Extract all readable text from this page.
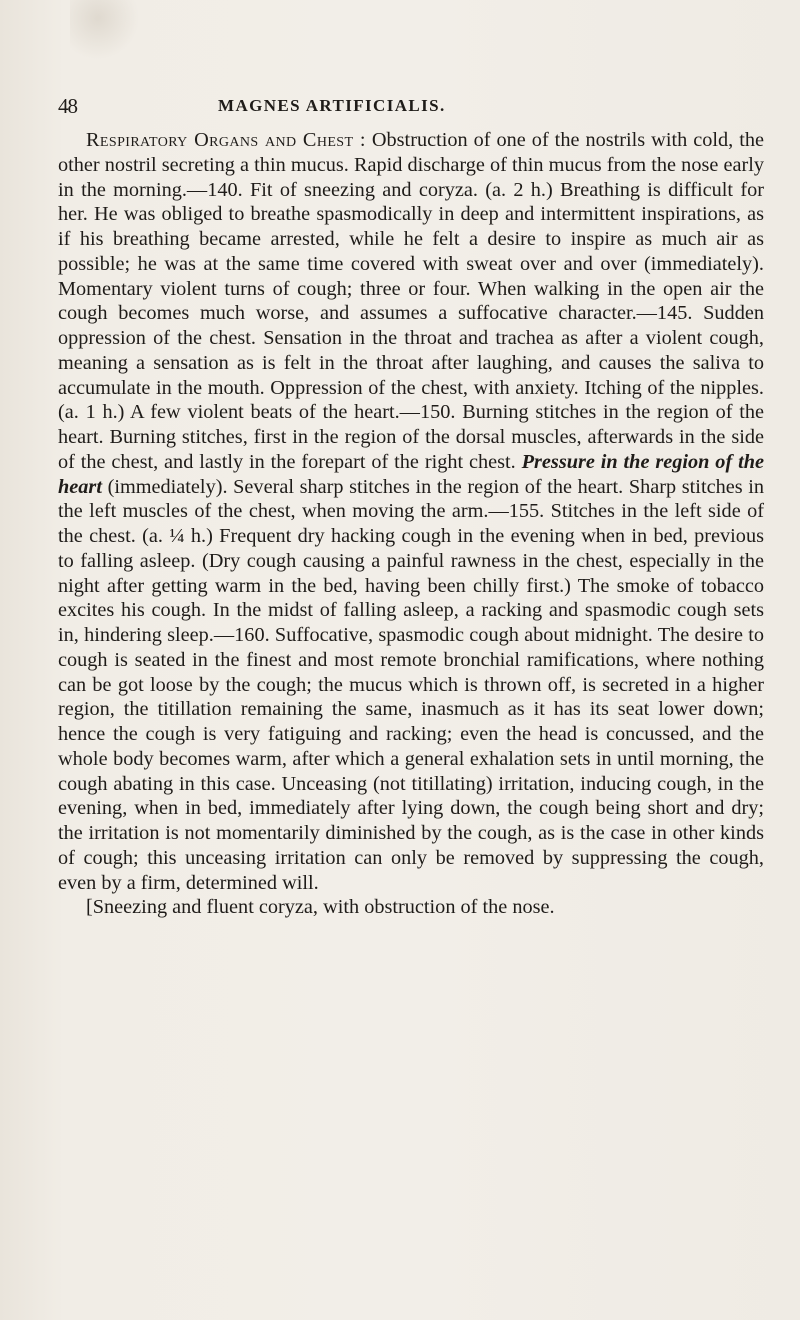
48	MAGNES ARTIFICIALIS.

Respiratory Organs and Chest : Obstruction of one of the nostrils with cold, the other nostril secreting a thin mucus. Rapid discharge of thin mucus from the nose early in the morning.—140. Fit of sneezing and coryza. (a. 2 h.) Breathing is difficult for her. He was obliged to breathe spasmodically in deep and intermittent inspirations, as if his breathing became arrested, while he felt a desire to inspire as much air as possible; he was at the same time covered with sweat over and over (immediately). Momentary violent turns of cough; three or four. When walking in the open air the cough becomes much worse, and assumes a suffocative character.—145. Sudden oppression of the chest. Sensation in the throat and trachea as after a violent cough, meaning a sensation as is felt in the throat after laughing, and causes the saliva to accumulate in the mouth. Oppression of the chest, with anxiety. Itching of the nipples. (a. 1 h.) A few violent beats of the heart.—150. Burning stitches in the region of the heart. Burning stitches, first in the region of the dorsal muscles, afterwards in the side of the chest, and lastly in the forepart of the right chest. Pressure in the region of the heart (immediately). Several sharp stitches in the region of the heart. Sharp stitches in the left muscles of the chest, when moving the arm.—155. Stitches in the left side of the chest. (a. ¼ h.) Frequent dry hacking cough in the evening when in bed, previous to falling asleep. (Dry cough causing a painful rawness in the chest, especially in the night after getting warm in the bed, having been chilly first.) The smoke of tobacco excites his cough. In the midst of falling asleep, a racking and spasmodic cough sets in, hindering sleep.—160. Suffocative, spasmodic cough about midnight. The desire to cough is seated in the finest and most remote bronchial ramifications, where nothing can be got loose by the cough; the mucus which is thrown off, is secreted in a higher region, the titillation remaining the same, inasmuch as it has its seat lower down; hence the cough is very fatiguing and racking; even the head is concussed, and the whole body becomes warm, after which a general exhalation sets in until morning, the cough abating in this case. Unceasing (not titillating) irritation, inducing cough, in the evening, when in bed, immediately after lying down, the cough being short and dry; the irritation is not momentarily diminished by the cough, as is the case in other kinds of cough; this unceasing irritation can only be removed by suppressing the cough, even by a firm, determined will.

[Sneezing and fluent coryza, with obstruction of the nose.
